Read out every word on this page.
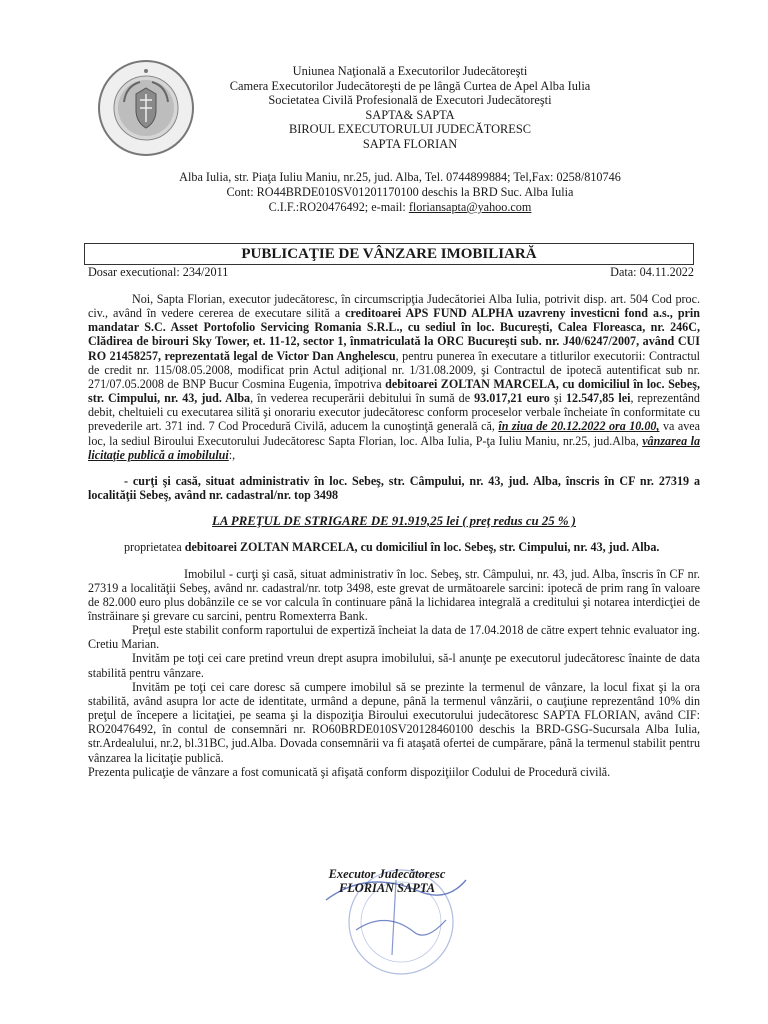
Uniunea Naţională a Executorilor Judecătoreşti
Camera Executorilor Judecătoreşti de pe lângă Curtea de Apel Alba Iulia
Societatea Civilă Profesională de Executori Judecătoreşti
SAPTA& SAPTA
BIROUL EXECUTORULUI JUDECĂTORESC
SAPTA FLORIAN
Alba Iulia, str. Piaţa Iuliu Maniu, nr.25, jud. Alba, Tel. 0744899884; Tel,Fax: 0258/810746
Cont: RO44BRDE010SV01201170100 deschis la BRD Suc. Alba Iulia
C.I.F.:RO20476492; e-mail: floriansapta@yahoo.com
PUBLICAŢIE DE VÂNZARE IMOBILIARĂ
Dosar executional: 234/2011	Data: 04.11.2022

Noi, Sapta Florian, executor judecătoresc, în circumscripţia Judecătoriei Alba Iulia, potrivit disp. art. 504 Cod proc. civ., având în vedere cererea de executare silită a creditoarei APS FUND ALPHA uzavreny investicni fond a.s., prin mandatar S.C. Asset Portofolio Servicing Romania S.R.L., cu sediul în loc. Bucureşti, Calea Floreasca, nr. 246C, Clădirea de birouri Sky Tower, et. 11-12, sector 1, înmatriculată la ORC Bucureşti sub. nr. J40/6247/2007, având CUI RO 21458257, reprezentată legal de Victor Dan Anghelescu, pentru punerea în executare a titlurilor executorii: Contractul de credit nr. 115/08.05.2008, modificat prin Actul adiţional nr. 1/31.08.2009, şi Contractul de ipotecă autentificat sub nr. 271/07.05.2008 de BNP Bucur Cosmina Eugenia, împotriva debitoarei ZOLTAN MARCELA, cu domiciliul în loc. Sebeş, str. Cimpului, nr. 43, jud. Alba, în vederea recuperării debitului în sumă de 93.017,21 euro şi 12.547,85 lei, reprezentând debit, cheltuieli cu executarea silită şi onorariu executor judecătoresc conform proceselor verbale încheiate în conformitate cu prevederile art. 371 ind. 7 Cod Procedură Civilă, aducem la cunoştinţă generală că, în ziua de 20.12.2022 ora 10.00, va avea loc, la sediul Biroului Executorului Judecătoresc Sapta Florian, loc. Alba Iulia, P-ţa Iuliu Maniu, nr.25, jud.Alba, vânzarea la licitaţie publică a imobilului:,

- curţi şi casă, situat administrativ în loc. Sebeş, str. Câmpului, nr. 43, jud. Alba, înscris în CF nr. 27319 a localităţii Sebeş, având nr. cadastral/nr. top 3498

LA PREŢUL DE STRIGARE DE 91.919,25 lei ( preţ redus cu 25 % )

proprietatea debitoarei ZOLTAN MARCELA, cu domiciliul în loc. Sebeş, str. Cimpului, nr. 43, jud. Alba.

Imobilul - curţi şi casă, situat administrativ în loc. Sebeş, str. Câmpului, nr. 43, jud. Alba, înscris în CF nr. 27319 a localităţii Sebeş, având nr. cadastral/nr. totp 3498, este grevat de următoarele sarcini: ipotecă de prim rang în valoare de 82.000 euro plus dobânzile ce se vor calcula în continuare până la lichidarea integrală a creditului şi notarea interdicţiei de înstrăinare şi grevare cu sarcini, pentru Romexterra Bank.

Preţul este stabilit conform raportului de expertiză încheiat la data de 17.04.2018 de către expert tehnic evaluator ing. Cretiu Marian.

Invităm pe toţi cei care pretind vreun drept asupra imobilului, să-l anunţe pe executorul judecătoresc înainte de data stabilită pentru vânzare.

Invităm pe toţi cei care doresc să cumpere imobilul să se prezinte la termenul de vânzare, la locul fixat şi la ora stabilită, având asupra lor acte de identitate, urmând a depune, până la termenul vânzării, o cauţiune reprezentând 10% din preţul de începere a licitaţiei, pe seama şi la dispoziţia Biroului executorului judecătoresc SAPTA FLORIAN, având CIF: RO20476492, în contul de consemnări nr. RO60BRDE010SV20128460100 deschis la BRD-GSG-Sucursala Alba Iulia, str.Ardealului, nr.2, bl.31BC, jud.Alba. Dovada consemnării va fi ataşată ofertei de cumpărare, până la termenul stabilit pentru vânzarea la licitaţie publică.

Prezenta pulicaţie de vânzare a fost comunicată şi afişată conform dispoziţiilor Codului de Procedură civilă.

Executor Judecătoresc
FLORIAN SAPTA
